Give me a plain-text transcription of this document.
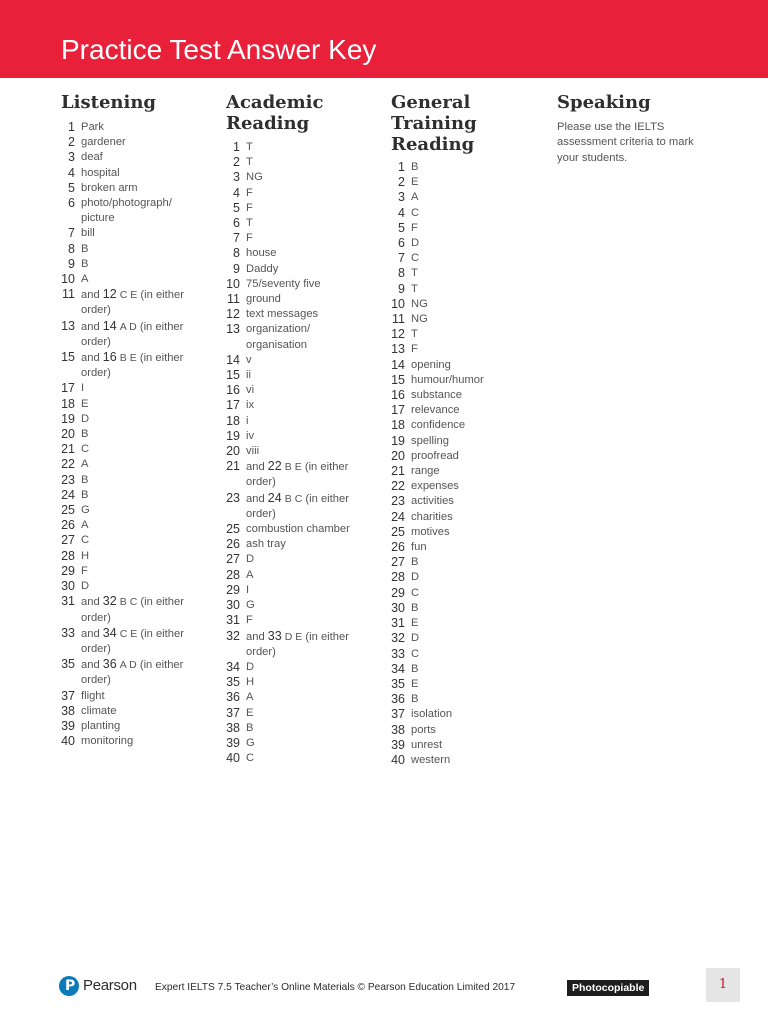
Practice Test Answer Key
Listening
1 Park
2 gardener
3 deaf
4 hospital
5 broken arm
6 photo/photograph/
picture
7 bill
8 B
9 B
10 A
11 and 12 C E (in either
order)
13 and 14 A D (in either
order)
15 and 16 B E (in either
order)
17 I
18 E
19 D
20 B
21 C
22 A
23 B
24 B
25 G
26 A
27 C
28 H
29 F
30 D
31 and 32 B C (in either
order)
33 and 34 C E (in either
order)
35 and 36 A D (in either
order)
37 flight
38 climate
39 planting
40 monitoring
Academic
Reading
1 T
2 T
3 NG
4 F
5 F
6 T
7 F
8 house
9 Daddy
10 75/seventy five
11 ground
12 text messages
13 organization/
organisation
14 v
15 ii
16 vi
17 ix
18 i
19 iv
20 viii
21 and 22 B E (in either
order)
23 and 24 B C (in either
order)
25 combustion chamber
26 ash tray
27 D
28 A
29 I
30 G
31 F
32 and 33 D E (in either
order)
34 D
35 H
36 A
37 E
38 B
39 G
40 C
General
Training
Reading
1 B
2 E
3 A
4 C
5 F
6 D
7 C
8 T
9 T
10 NG
11 NG
12 T
13 F
14 opening
15 humour/humor
16 substance
17 relevance
18 confidence
19 spelling
20 proofread
21 range
22 expenses
23 activities
24 charities
25 motives
26 fun
27 B
28 D
29 C
30 B
31 E
32 D
33 C
34 B
35 E
36 B
37 isolation
38 ports
39 unrest
40 western
Speaking
Please use the IELTS assessment criteria to mark your students.
P Pearson Expert IELTS 7.5 Teacher’s Online Materials © Pearson Education Limited 2017	Photocopiable	1
